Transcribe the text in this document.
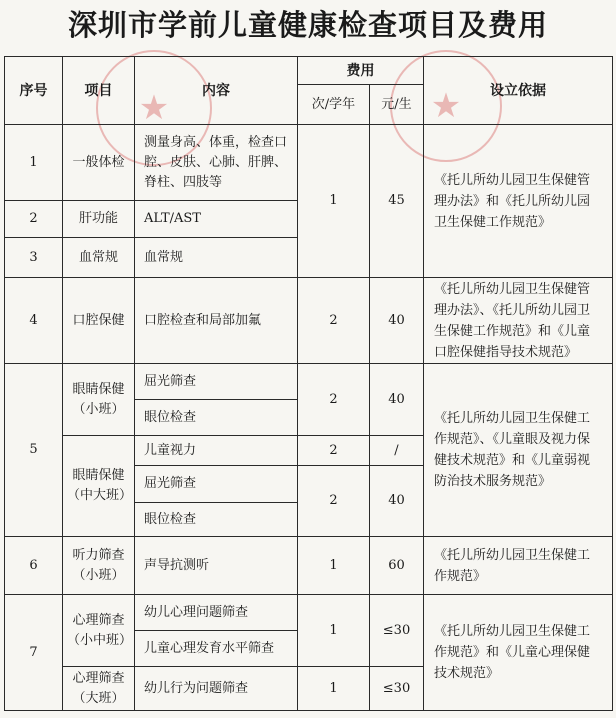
深圳市学前儿童健康检查项目及费用
★	★
序号	项目	内容	费用		设立依据
			次/学年	元/生	
1	一般体检	测量身高、体重，检查口腔、皮肤、心肺、肝脾、脊柱、四肢等	1	45	《托儿所幼儿园卫生保健管理办法》和《托儿所幼儿园卫生保健工作规范》
2	肝功能	ALT/AST			
3	血常规	血常规			
4	口腔保健	口腔检查和局部加氟	2	40	《托儿所幼儿园卫生保健管理办法》、《托儿所幼儿园卫生保健工作规范》和《儿童口腔保健指导技术规范》
5	眼睛保健（小班）	屈光筛查	2	40	《托儿所幼儿园卫生保健工作规范》、《儿童眼及视力保健技术规范》和《儿童弱视防治技术服务规范》
		眼位检查			
	眼睛保健（中大班）	儿童视力	2	/	
		屈光筛查	2	40	
		眼位检查			
6	听力筛查（小班）	声导抗测听	1	60	《托儿所幼儿园卫生保健工作规范》
7	心理筛查（小中班）	幼儿心理问题筛查	1	≤30	《托儿所幼儿园卫生保健工作规范》和《儿童心理保健技术规范》
		儿童心理发育水平筛查			
	心理筛查（大班）	幼儿行为问题筛查	1	≤30	
